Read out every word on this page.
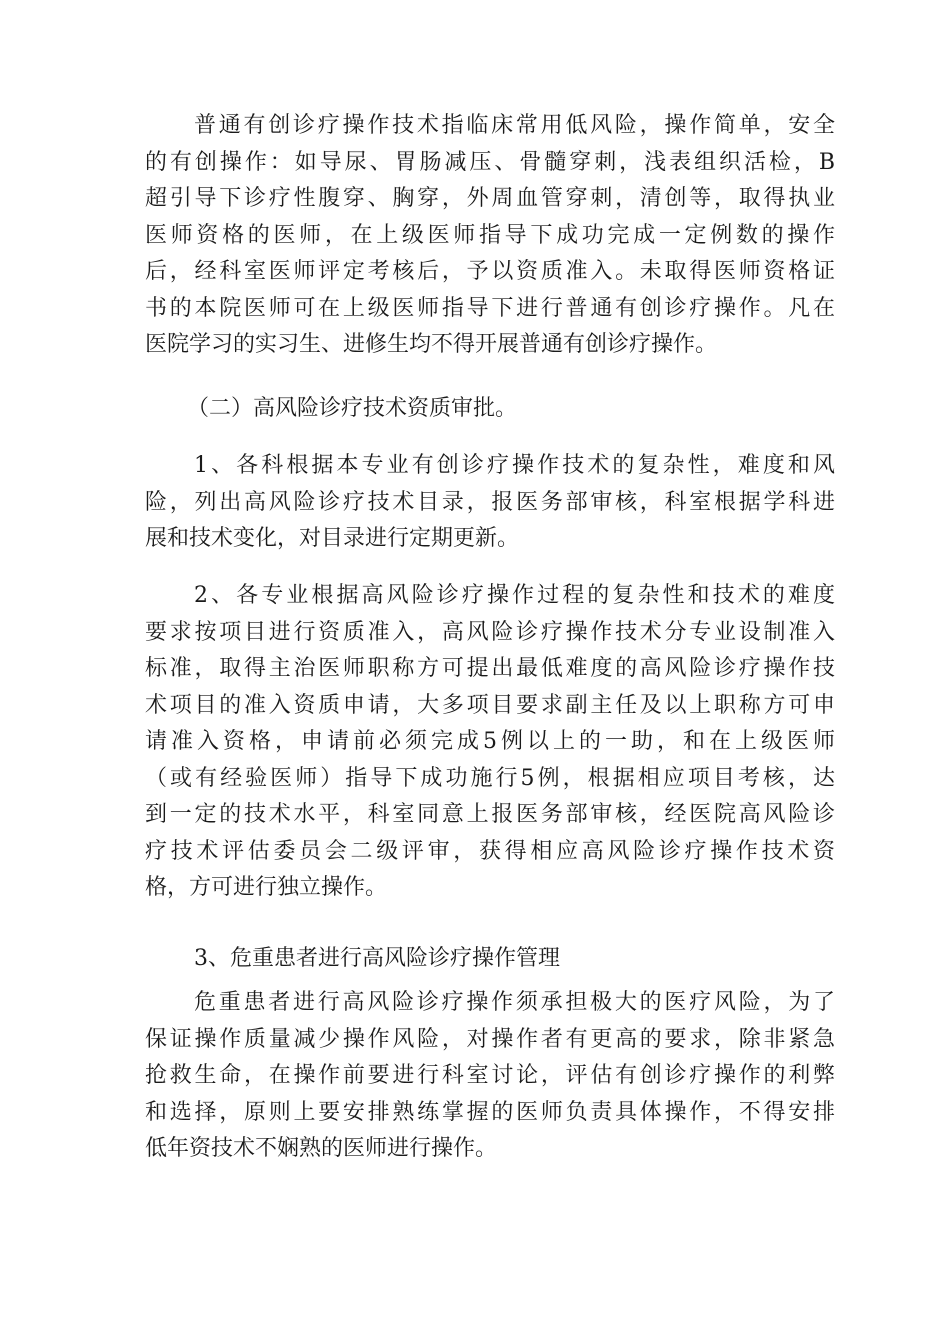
普通有创诊疗操作技术指临床常用低风险，操作简单，安全
的有创操作：如导尿、胃肠减压、骨髓穿刺，浅表组织活检，B
超引导下诊疗性腹穿、胸穿，外周血管穿刺，清创等，取得执业
医师资格的医师，在上级医师指导下成功完成一定例数的操作
后，经科室医师评定考核后，予以资质准入。未取得医师资格证
书的本院医师可在上级医师指导下进行普通有创诊疗操作。凡在
医院学习的实习生、进修生均不得开展普通有创诊疗操作。
（二）高风险诊疗技术资质审批。
1、各科根据本专业有创诊疗操作技术的复杂性，难度和风
险，列出高风险诊疗技术目录，报医务部审核，科室根据学科进
展和技术变化，对目录进行定期更新。
2、各专业根据高风险诊疗操作过程的复杂性和技术的难度
要求按项目进行资质准入，高风险诊疗操作技术分专业设制准入
标准，取得主治医师职称方可提出最低难度的高风险诊疗操作技
术项目的准入资质申请，大多项目要求副主任及以上职称方可申
请准入资格，申请前必须完成5例以上的一助，和在上级医师
（或有经验医师）指导下成功施行5例，根据相应项目考核，达
到一定的技术水平，科室同意上报医务部审核，经医院高风险诊
疗技术评估委员会二级评审，获得相应高风险诊疗操作技术资
格，方可进行独立操作。
3、危重患者进行高风险诊疗操作管理
危重患者进行高风险诊疗操作须承担极大的医疗风险，为了
保证操作质量减少操作风险，对操作者有更高的要求，除非紧急
抢救生命，在操作前要进行科室讨论，评估有创诊疗操作的利弊
和选择，原则上要安排熟练掌握的医师负责具体操作，不得安排
低年资技术不娴熟的医师进行操作。
